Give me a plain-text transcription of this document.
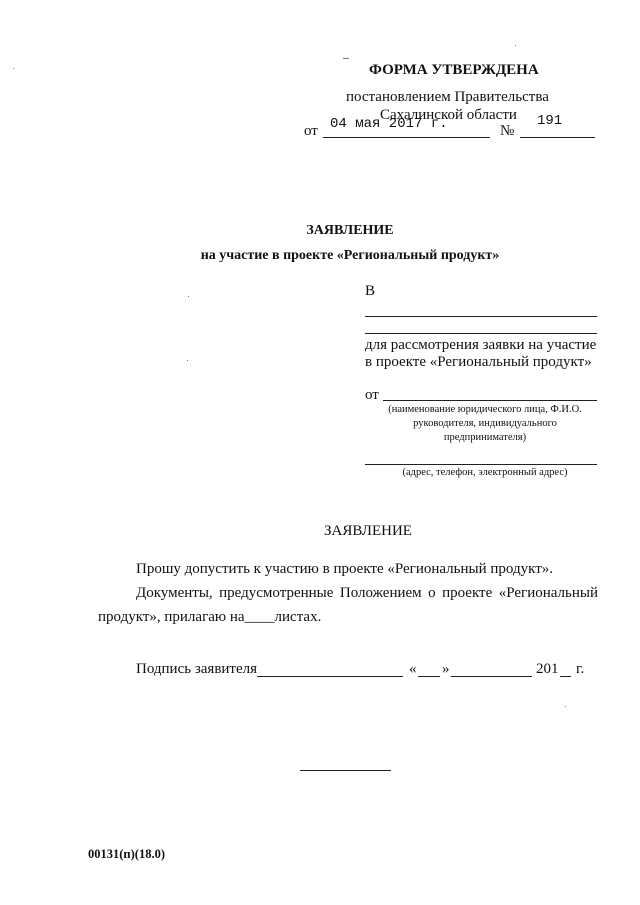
ФОРМА УТВЕРЖДЕНА
постановлением Правительства
Сахалинской области
от 04 мая 2017 г.	№
191
ЗАЯВЛЕНИЕ
на участие в проекте «Региональный продукт»
В
для рассмотрения заявки на участие
в проекте «Региональный продукт»
от
(наименование юридического лица, Ф.И.О.
руководителя, индивидуального
предпринимателя)
(адрес, телефон, электронный адрес)
ЗАЯВЛЕНИЕ
Прошу допустить к участию в проекте «Региональный продукт».
Документы, предусмотренные Положением о проекте «Региональный
продукт», прилагаю на____листах.
Подпись заявителя	« »	201 г.
00131(п)(18.0)
